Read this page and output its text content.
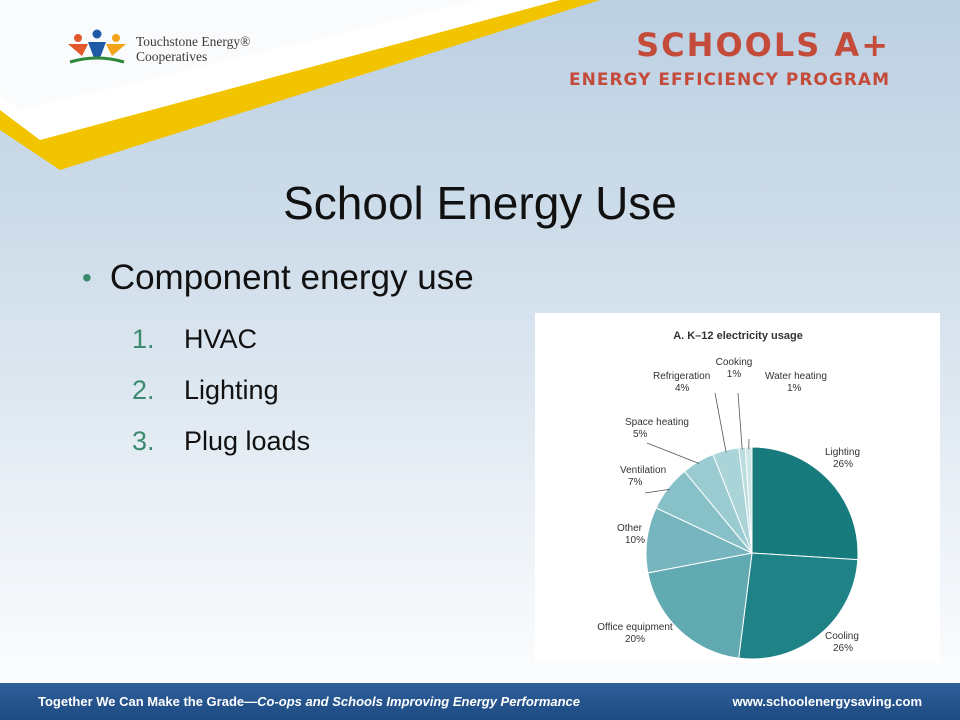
Touchstone Energy®
Cooperatives	SCHOOLS A+
ENERGY EFFICIENCY PROGRAM
School Energy Use
• Component energy use
1.	HVAC
2.	Lighting
3.	Plug loads
A. K–12 electricity usage
Lighting
26%
Cooling
26%
Office equipment
20%
Other
10%
Ventilation
7%
Space heating
5%
Refrigeration
4%
Cooking
1% Water heating
1%
Together We Can Make the Grade—Co-ops and Schools Improving Energy Performance	www.schoolenergysaving.com
